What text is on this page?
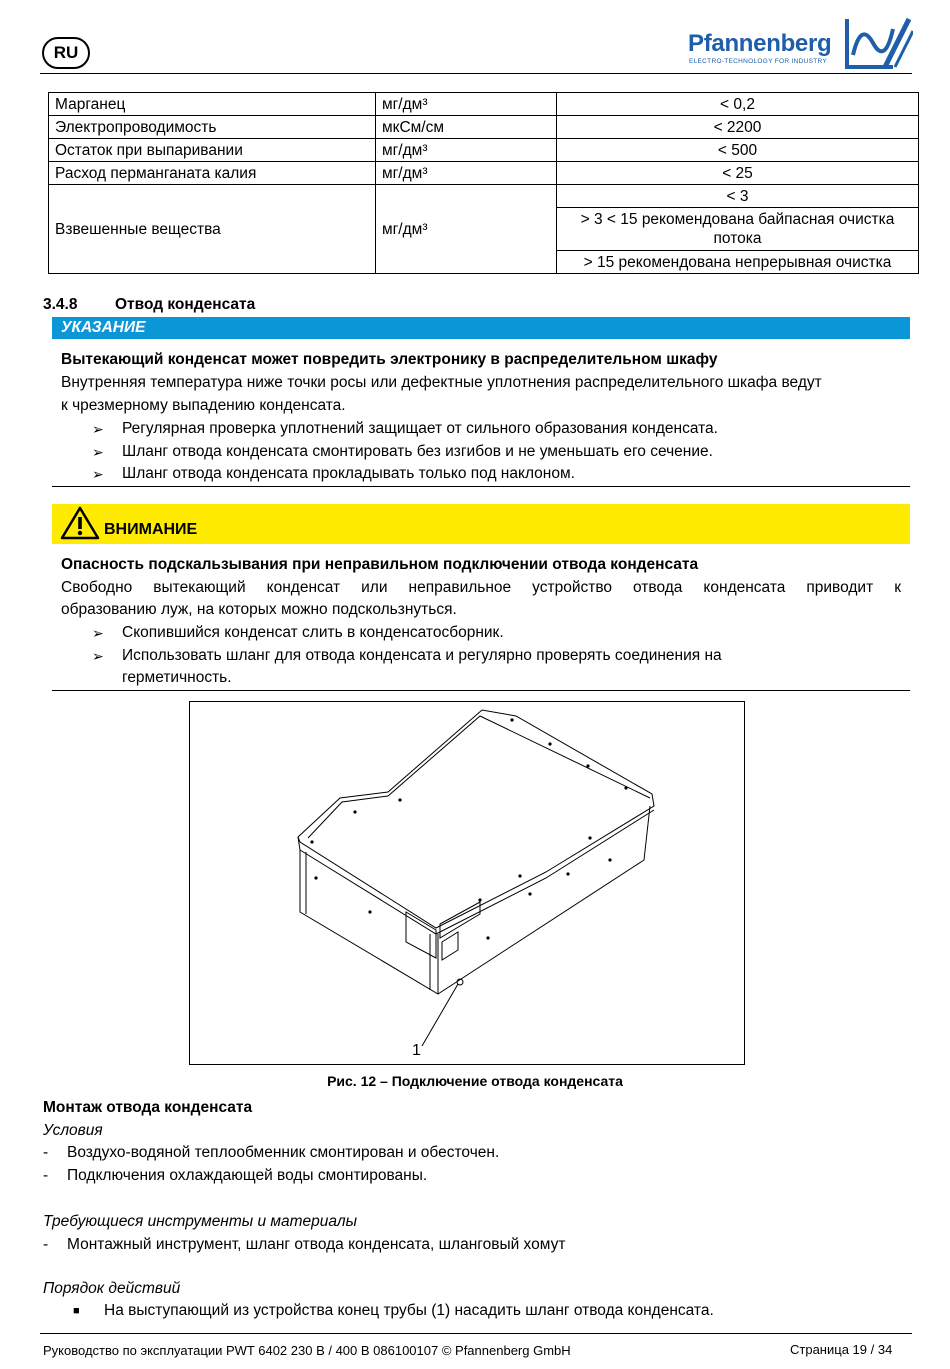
RU	Pfannenberg
ELECTRO-TECHNOLOGY FOR INDUSTRY
Марганец	мг/дм³	< 0,2
Электропроводимость	мкСм/см	< 2200
Остаток при выпаривании	мг/дм³	< 500
Расход перманганата калия	мг/дм³	< 25
Взвешенные вещества	мг/дм³	< 3
		> 3 < 15 рекомендована байпасная очистка потока
		> 15 рекомендована непрерывная очистка
3.4.8 Отвод конденсата
УКАЗАНИЕ
Вытекающий конденсат может повредить электронику в распределительном шкафу
Внутренняя температура ниже точки росы или дефектные уплотнения распределительного шкафа ведут
к чрезмерному выпадению конденсата.
➢ Регулярная проверка уплотнений защищает от сильного образования конденсата.
➢ Шланг отвода конденсата смонтировать без изгибов и не уменьшать его сечение.
➢ Шланг отвода конденсата прокладывать только под наклоном.
ВНИМАНИЕ
Опасность подскальзывания при неправильном подключении отвода конденсата
Свободно вытекающий конденсат или неправильное устройство отвода конденсата приводит к
образованию луж, на которых можно подскользнуться.
➢ Скопившийся конденсат слить в конденсатосборник.
➢ Использовать шланг для отвода конденсата и регулярно проверять соединения на
герметичность.
1
Рис. 12 – Подключение отвода конденсата
Монтаж отвода конденсата
Условия
- Воздухо-водяной теплообменник смонтирован и обесточен.
- Подключения охлаждающей воды смонтированы.
Требующиеся инструменты и материалы
- Монтажный инструмент, шланг отвода конденсата, шланговый хомут
Порядок действий
■ На выступающий из устройства конец трубы (1) насадить шланг отвода конденсата.
Руководство по эксплуатации PWT 6402 230 B / 400 B 086100107 © Pfannenberg GmbH	Страница 19 / 34
